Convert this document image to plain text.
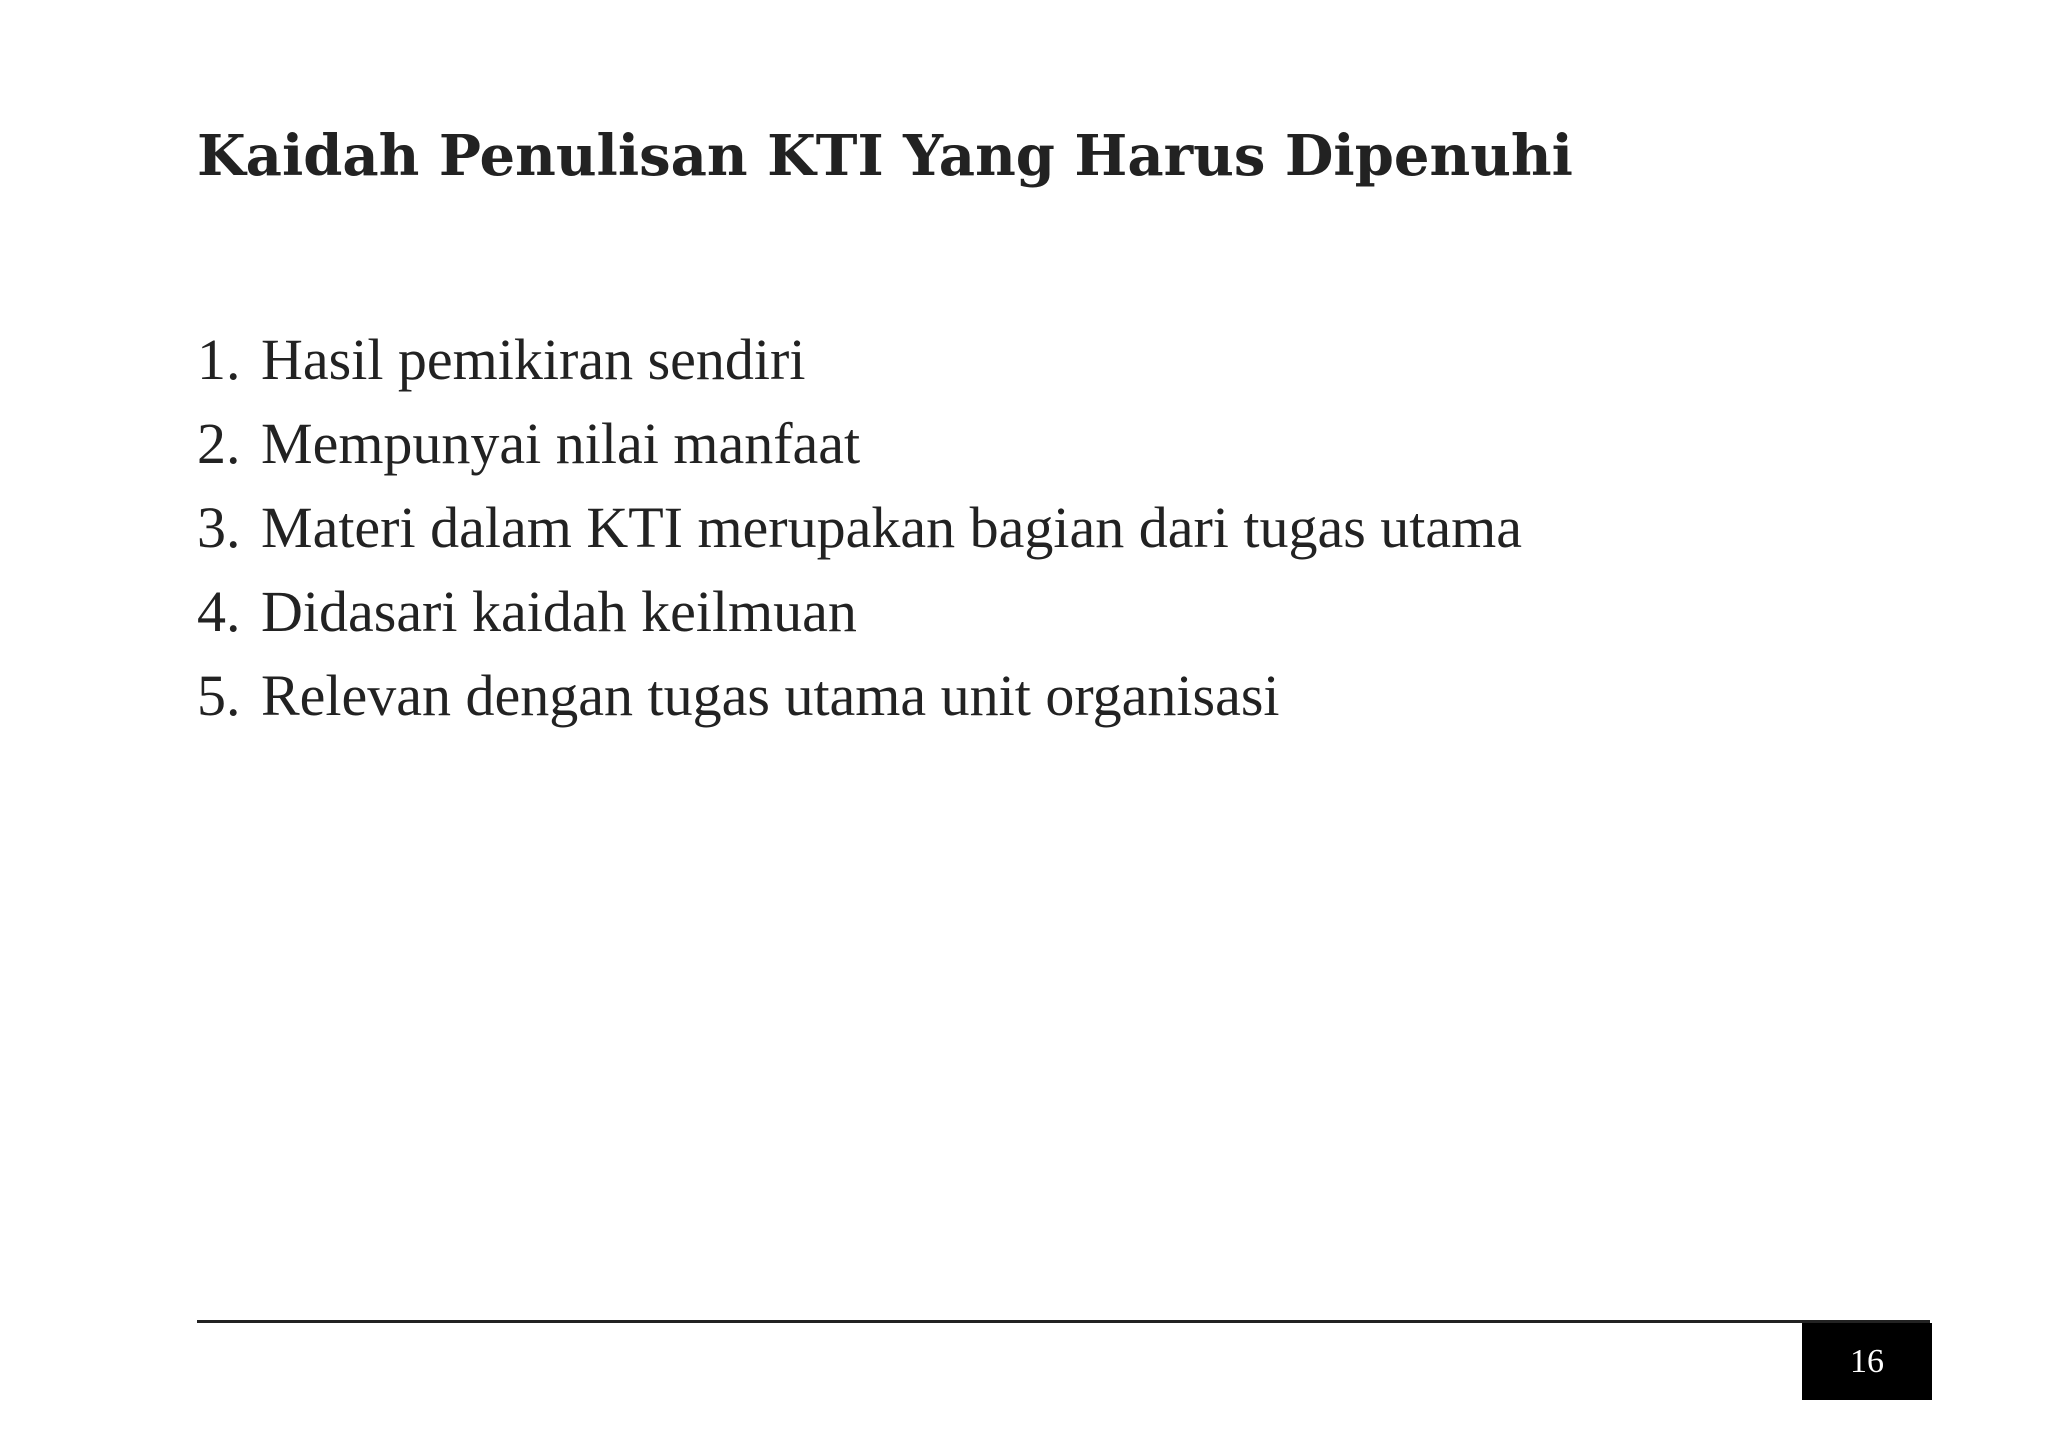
Kaidah Penulisan KTI Yang Harus Dipenuhi
1. Hasil pemikiran sendiri
2. Mempunyai nilai manfaat
3. Materi dalam KTI merupakan bagian dari tugas utama
4. Didasari kaidah keilmuan
5. Relevan dengan tugas utama unit organisasi
16
